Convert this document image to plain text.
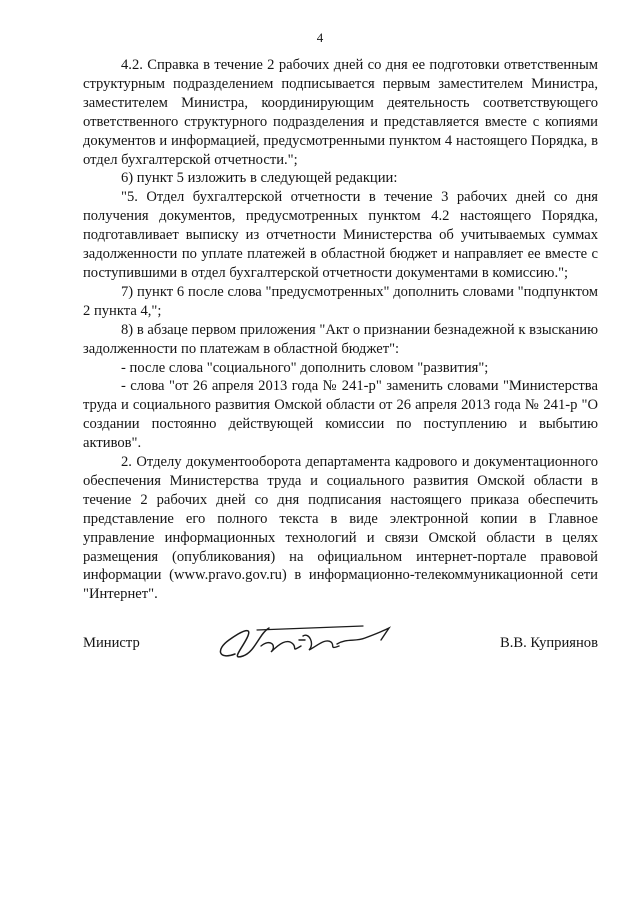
4

4.2. Справка в течение 2 рабочих дней со дня ее подготовки ответственным структурным подразделением подписывается первым заместителем Министра, заместителем Министра, координирующим деятельность соответствующего ответственного структурного подразделения и представляется вместе с копиями документов и информацией, предусмотренными пунктом 4 настоящего Порядка, в отдел бухгалтерской отчетности.";

6) пункт 5 изложить в следующей редакции:

"5. Отдел бухгалтерской отчетности в течение 3 рабочих дней со дня получения документов, предусмотренных пунктом 4.2 настоящего Порядка, подготавливает выписку из отчетности Министерства об учитываемых суммах задолженности по уплате платежей в областной бюджет и направляет ее вместе с поступившими в отдел бухгалтерской отчетности документами в комиссию.";

7) пункт 6 после слова "предусмотренных" дополнить словами "подпунктом 2 пункта 4,";

8) в абзаце первом приложения "Акт о признании безнадежной к взысканию задолженности по платежам в областной бюджет":

- после слова "социального" дополнить словом "развития";

- слова "от 26 апреля 2013 года № 241-р" заменить словами "Министерства труда и социального развития Омской области от 26 апреля 2013 года № 241-р "О создании постоянно действующей комиссии по поступлению и выбытию активов".

2. Отделу документооборота департамента кадрового и документационного обеспечения Министерства труда и социального развития Омской области в течение 2 рабочих дней со дня подписания настоящего приказа обеспечить представление его полного текста в виде электронной копии в Главное управление информационных технологий и связи Омской области в целях размещения (опубликования) на официальном интернет-портале правовой информации (www.pravo.gov.ru) в информационно-телекоммуникационной сети "Интернет".

Министр	В.В. Куприянов
